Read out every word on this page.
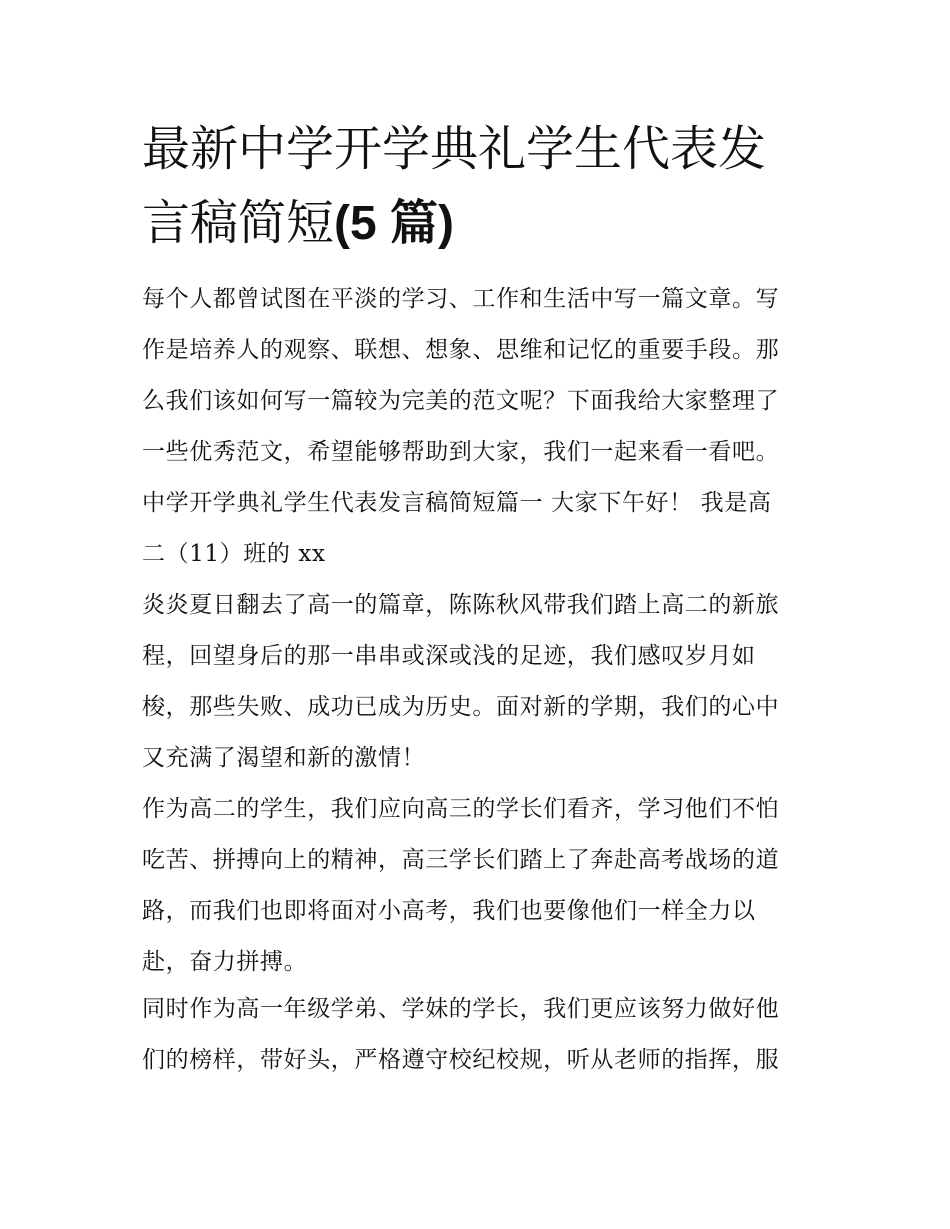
最新中学开学典礼学生代表发
言稿简短(5 篇)
每个人都曾试图在平淡的学习、工作和生活中写一篇文章。写
作是培养人的观察、联想、想象、思维和记忆的重要手段。那
么我们该如何写一篇较为完美的范文呢？下面我给大家整理了
一些优秀范文，希望能够帮助到大家，我们一起来看一看吧。
中学开学典礼学生代表发言稿简短篇一 大家下午好！ 我是高
二（11）班的 xx
炎炎夏日翻去了高一的篇章，陈陈秋风带我们踏上高二的新旅
程，回望身后的那一串串或深或浅的足迹，我们感叹岁月如
梭，那些失败、成功已成为历史。面对新的学期，我们的心中
又充满了渴望和新的激情！
作为高二的学生，我们应向高三的学长们看齐，学习他们不怕
吃苦、拼搏向上的精神，高三学长们踏上了奔赴高考战场的道
路，而我们也即将面对小高考，我们也要像他们一样全力以
赴，奋力拼搏。
同时作为高一年级学弟、学妹的学长，我们更应该努力做好他
们的榜样，带好头，严格遵守校纪校规，听从老师的指挥，服
